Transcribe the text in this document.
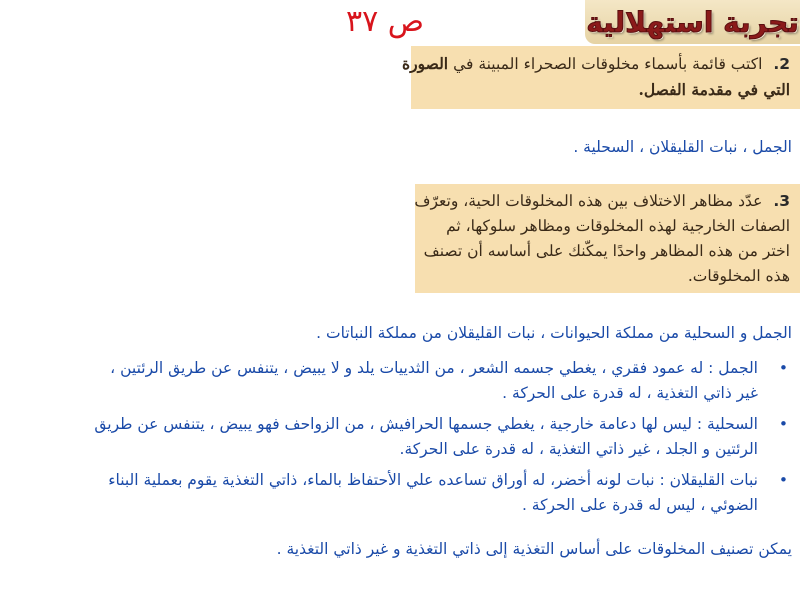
تجربة استهلالية
ص ٣٧
2. اكتب قائمة بأسماء مخلوقات الصحراء المبينة في الصورة
التي في مقدمة الفصل.
الجمل ، نبات القليقلان ، السحلية .
3. عدّد مظاهر الاختلاف بين هذه المخلوقات الحية، وتعرّف
الصفات الخارجية لهذه المخلوقات ومظاهر سلوكها، ثم
اختر من هذه المظاهر واحدًا يمكّنك على أساسه أن تصنف
هذه المخلوقات.
الجمل و السحلية من مملكة الحيوانات ، نبات القليقلان من مملكة النباتات .
•
الجمل : له عمود فقري ، يغطي جسمه الشعر ، من الثدييات يلد و لا يبيض ، يتنفس عن طريق الرئتين ،
غير ذاتي التغذية ، له قدرة على الحركة .
•
السحلية : ليس لها دعامة خارجية ، يغطي جسمها الحرافيش ، من الزواحف فهو يبيض ، يتنفس عن طريق
الرئتين و الجلد ، غير ذاتي التغذية ، له قدرة على الحركة.
•
نبات القليقلان : نبات لونه أخضر، له أوراق تساعده علي الأحتفاظ بالماء، ذاتي التغذية يقوم بعملية البناء
الضوئي ، ليس له قدرة على الحركة .
يمكن تصنيف المخلوقات على أساس التغذية إلى ذاتي التغذية و غير ذاتي التغذية .
